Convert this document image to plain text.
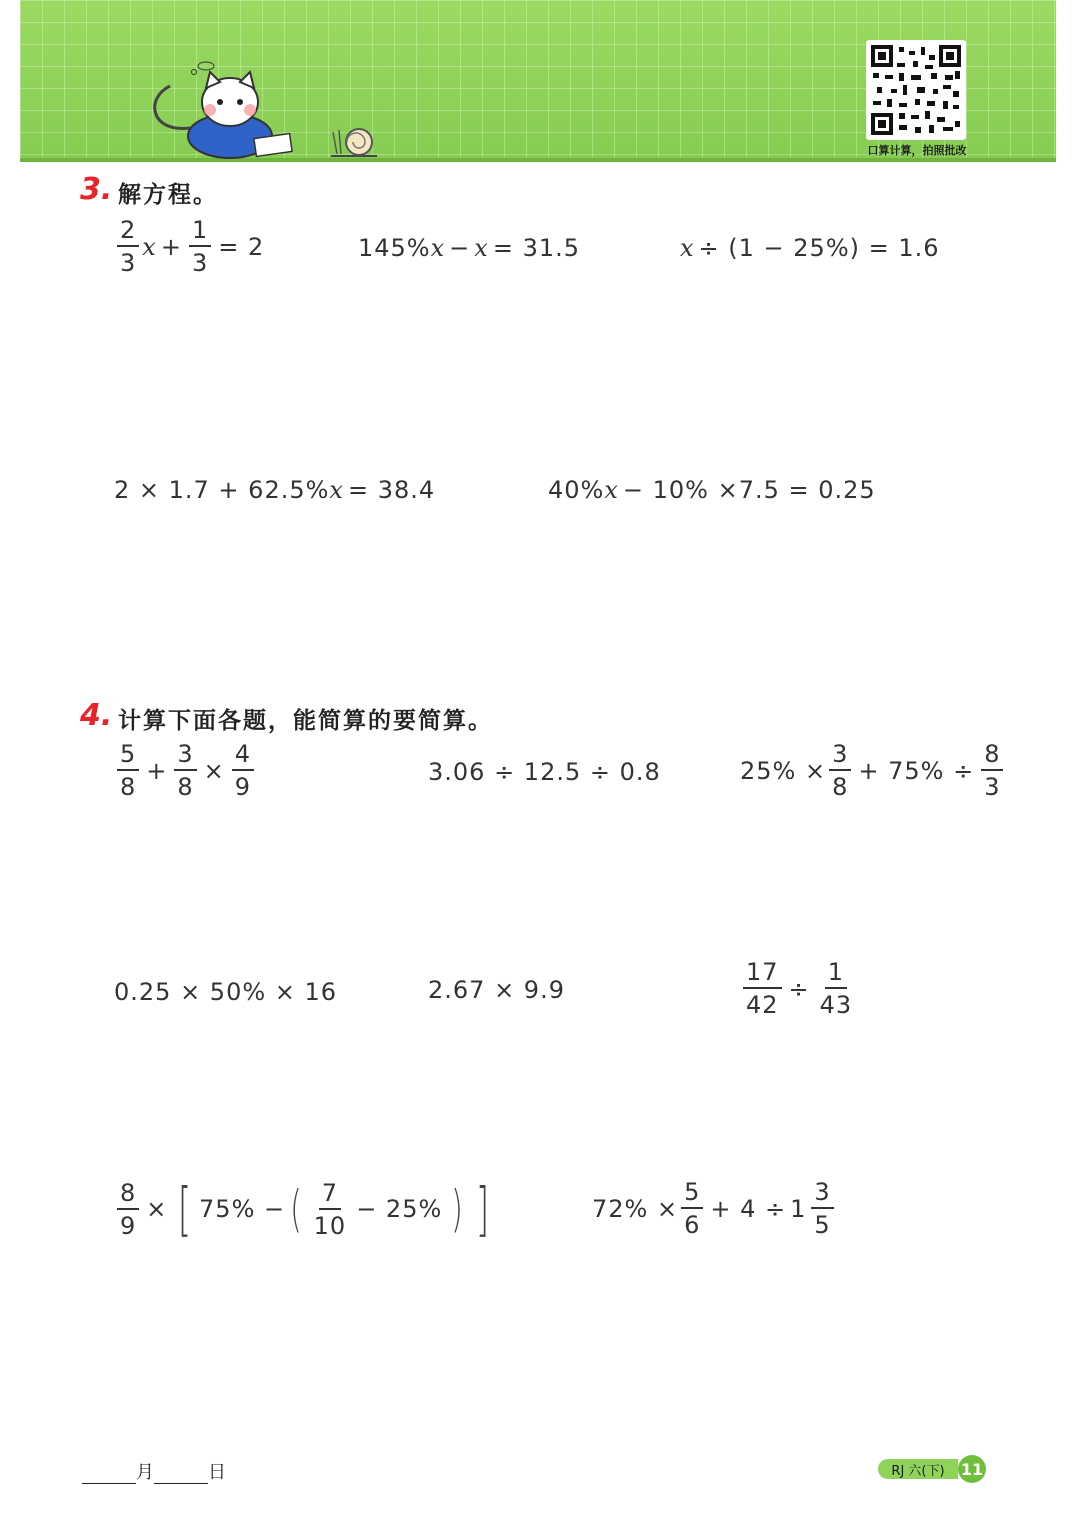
口算计算，拍照批改
3. 解方程。
$\frac{2}{3}$ $x + \frac{1}{3} = 2$	145% x − x = 31.5	x ÷ (1 − 25%) = 1.6
2 × 1.7 + 62.5% x = 38.4	40% x − 10% ×7.5 = 0.25
4. 计算下面各题，能简算的要简算。
$\frac{5}{8} + \frac{3}{8} \times \frac{4}{9}$	3.06 ÷ 12.5 ÷ 0.8	$25\% \times \frac{3}{8} + 75\% \div \frac{8}{3}$
0.25 × 50% × 16	2.67 × 9.9	$\frac{17}{42} \div \frac{1}{43}$
$\frac{8}{9}$ × [ 75% − ( $\frac{7}{10} - 25\%$ ) ]	$72\% \times \frac{5}{6} + 4 \div 1 \frac{3}{5}$
月	日	RJ 六(下)	11
